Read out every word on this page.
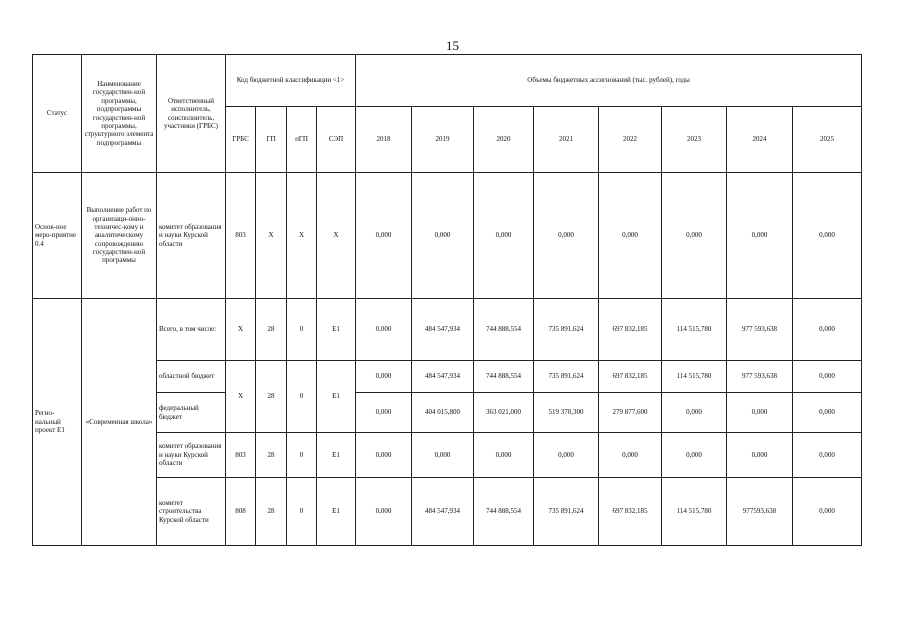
15
Статус	Наименование государствен-ной программы, подпрограммы государствен-ной программы, структурного элемента подпрограммы	Ответственный исполнитель, соисполнитель, участники (ГРБС)	Код бюджетной классификации <1>				Объемы бюджетных ассигнований (тыс. рублей), годы							
			ГРБС	ГП	пГП	СЭП	2018	2019	2020	2021	2022	2023	2024	2025
Основ-ное меро-приятие 0.4	Выполнение работ по организаци-онно-техничес-кому и аналитическому сопровождению государствен-ной программы	комитет образования и науки Курской области	803	X	X	X	0,000	0,000	0,000	0,000	0,000	0,000	0,000	0,000
Регио-нальный проект E1	«Современная школа»	Всего, в том числе:	X	28	0	E1	0,000	484 547,934	744 888,554	735 891,624	697 832,185	114 515,780	977 593,638	0,000
		областной бюджет	X	28	0	E1	0,000	484 547,934	744 888,554	735 891,624	697 832,185	114 515,780	977 593,638	0,000
		федеральный бюджет					0,000	404 015,800	363 021,000	519 370,300	279 877,600	0,000	0,000	0,000
		комитет образования и науки Курской области	803	28	0	E1	0,000	0,000	0,000	0,000	0,000	0,000	0,000	0,000
		комитет строительства Курской области	808	28	0	E1	0,000	484 547,934	744 888,554	735 891,624	697 832,185	114 515,780	977593,638	0,000
